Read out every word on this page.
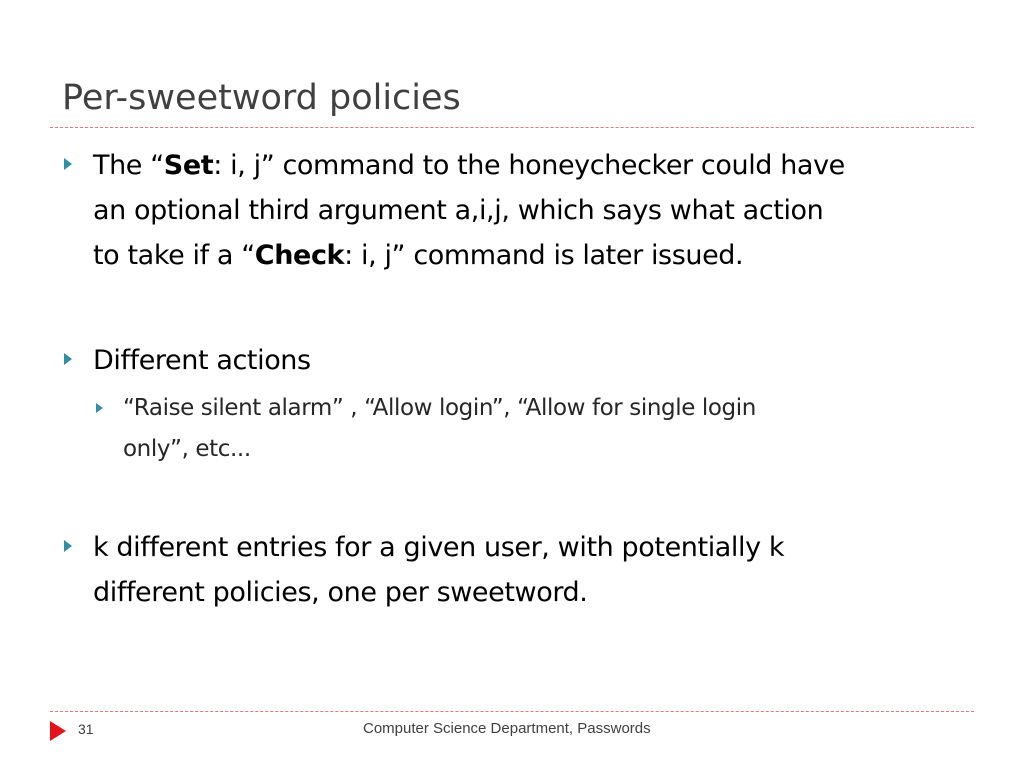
Per-sweetword policies
The “Set: i, j” command to the honeychecker could have
an optional third argument a,i,j, which says what action
to take if a “Check: i, j” command is later issued.
Different actions
“Raise silent alarm” , “Allow login”, “Allow for single login
only”, etc...
k different entries for a given user, with potentially k
different policies, one per sweetword.
31	Computer Science Department, Passwords
